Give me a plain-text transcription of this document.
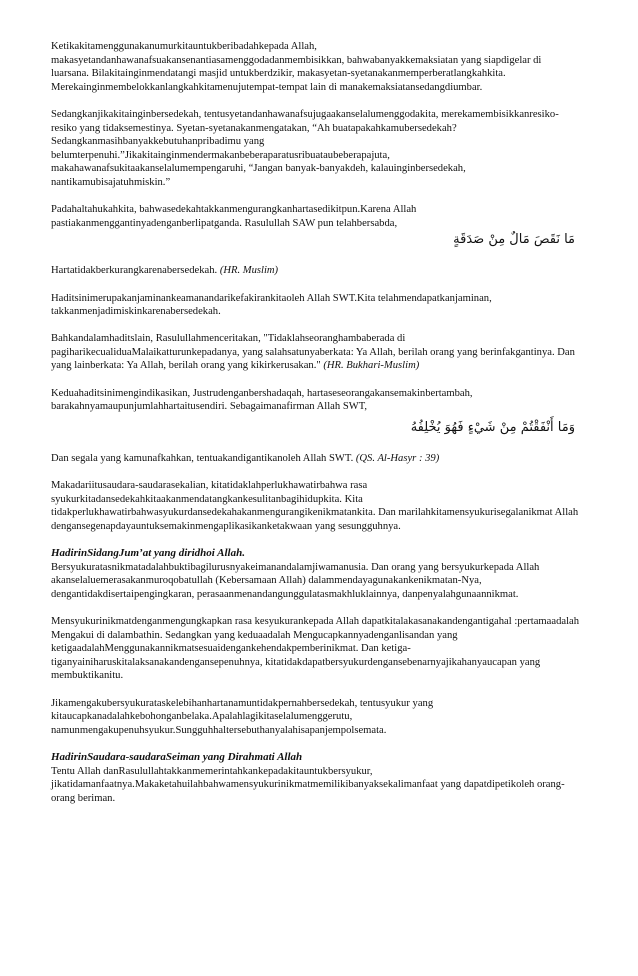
Ketikakitamenggunakanumurkitauntukberibadahkepada Allah, makasyetandanhawanafsuakansenantiasamenggodadanmembisikkan, bahwabanyakkemaksiatan yang siapdigelar di luarsana. Bilakitainginmendatangi masjid untukberdzikir, makasyetan-syetanakanmemperberatlangkahkita. Merekainginmembelokkanlangkahkitamenujutempat-tempat lain di manakemaksiatansedangdiumbar.

Sedangkanjikakitainginbersedekah, tentusyetandanhawanafsujugaakanselalumenggodakita, merekamembisikkanresiko-resiko yang tidaksemestinya. Syetan-syetanakanmengatakan, “Ah buatapakahkamubersedekah? Sedangkanmasihbanyakkebutuhanpribadimu yang belumterpenuhi.”Jikakitainginmendermakanbeberaparatusribuataubeberapajuta, makahawanafsukitaakanselalumempengaruhi, “Jangan banyak-banyakdeh, kalauinginbersedekah, nantikamubisajatuhmiskin.”

Padahaltahukahkita, bahwasedekahtakkanmengurangkanhartasedikitpun.Karena Allah pastiakanmenggantinyadenganberlipatganda. Rasulullah SAW pun telahbersabda,

مَا نَقَصَ مَالٌ مِنْ صَدَقَةٍ

Hartatidakberkurangkarenabersedekah. (HR. Muslim)

Haditsinimerupakanjaminankeamanandarikefakirankitaoleh Allah SWT.Kita telahmendapatkanjaminan, takkanmenjadimiskinkarenabersedekah.

Bahkandalamhaditslain, Rasulullahmenceritakan, "Tidaklahseoranghambaberada di pagiharikecualiduaMalaikatturunkepadanya, yang salahsatunyaberkata: Ya Allah, berilah orang yang berinfakgantinya. Dan yang lainberkata: Ya Allah, berilah orang yang kikirkerusakan." (HR. Bukhari-Muslim)

Keduahaditsinimengindikasikan, Justrudenganbershadaqah, hartaseseorangakansemakinbertambah, barakahnyamaupunjumlahhartaitusendiri. Sebagaimanafirman Allah SWT,

وَمَا أَنْفَقْتُمْ مِنْ شَيْءٍ فَهُوَ يُخْلِفُهُ

Dan segala yang kamunafkahkan, tentuakandigantikanoleh Allah SWT. (QS. Al-Hasyr : 39)

Makadariitusaudara-saudarasekalian, kitatidaklahperlukhawatirbahwa rasa syukurkitadansedekahkitaakanmendatangkankesulitanbagihidupkita. Kita tidakperlukhawatirbahwasyukurdansedekahakanmengurangikenikmatankita. Dan marilahkitamensyukurisegalanikmat Allah dengansegenapdayauntuksemakinmengaplikasikanketakwaan yang sesungguhnya.

HadirinSidangJum’at yang diridhoi Allah.

Bersyukuratasnikmatadalahbuktibagilurusnyakeimanandalamjiwamanusia. Dan orang yang bersyukurkepada Allah akanselaluemerasakanmuroqobatullah (Kebersamaan Allah) dalammendayagunakankenikmatan-Nya, dengantidakdisertaipengingkaran, perasaanmenandangunggulatasmakhluklainnya, danpenyalahgunaannikmat.

Mensyukurinikmatdenganmengungkapkan rasa kesyukurankepada Allah dapatkitalakasanakandengantigahal :pertamaadalah Mengakui di dalambathin. Sedangkan yang keduaadalah Mengucapkannyadenganlisandan yang ketigaadalahMenggunakannikmatsesuaidengankehendakpemberinikmat. Dan ketiga-tiganyainiharuskitalaksanakandengansepenuhnya, kitatidakdapatbersyukurdengansebenarnyajikahanyaucapan yang membuktikanitu.

Jikamengakubersyukurataskelebihanhartanamuntidakpernahbersedekah, tentusyukur yang kitaucapkanadalahkebohonganbelaka.Apalahlagikitaselalumenggerutu, namunmengakupenuhsyukur.Sungguhhaltersebuthanyalahisapanjempolsemata.

HadirinSaudara-saudaraSeiman yang Dirahmati Allah

Tentu Allah danRasulullahtakkanmemerintahkankepadakitauntukbersyukur, jikatidamanfaatnya.Makaketahuilahbahwamensyukurinikmatmemilikibanyaksekalimanfaat yang dapatdipetikoleh orang-orang beriman.
